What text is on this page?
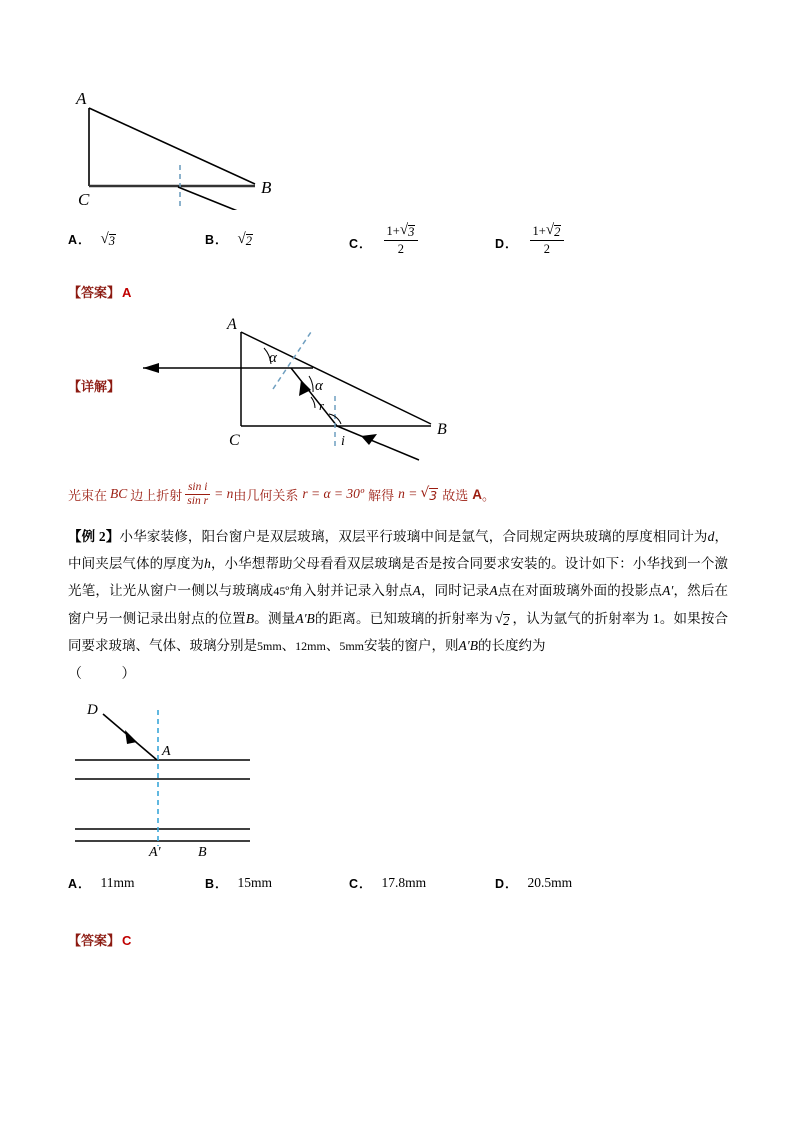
A
C
B
A． √ 3	B． √ 2	C． $\frac{1+ √ 3}{2}$	D． $\frac{1+ √ 2}{2}$
【答案】 A
【详解】
A
C
B
α
α
r
i
光束在 BC 边上折射 $\frac{\text{sin i}}{\text{sin r}} = n$ 由几何关系 r = α = 30º 解得 n = √ 3 故选 A 。
【例 2】小华家装修，阳台窗户是双层玻璃，双层平行玻璃中间是氩气，合同规定两块玻璃的厚度相同计为d，中间夹层气体的厚度为h，小华想帮助父母看看双层玻璃是否是按合同要求安装的。设计如下：小华找到一个激光笔，让光从窗户一侧以与玻璃成45º角入射并记录入射点A，同时记录A点在对面玻璃外面的投影点A′，然后在窗户另一侧记录出射点的位置B。测量A′B的距离。已知玻璃的折射率为 √ 2 ，认为氩气的折射率为 1。如果按合同要求玻璃、气体、玻璃分别是5mm、12mm、5mm安装的窗户，则A′B的长度约为
（ ）
D
A
A'	B
A． 11mm	B． 15mm	C． 17.8mm	D． 20.5mm
【答案】 C
